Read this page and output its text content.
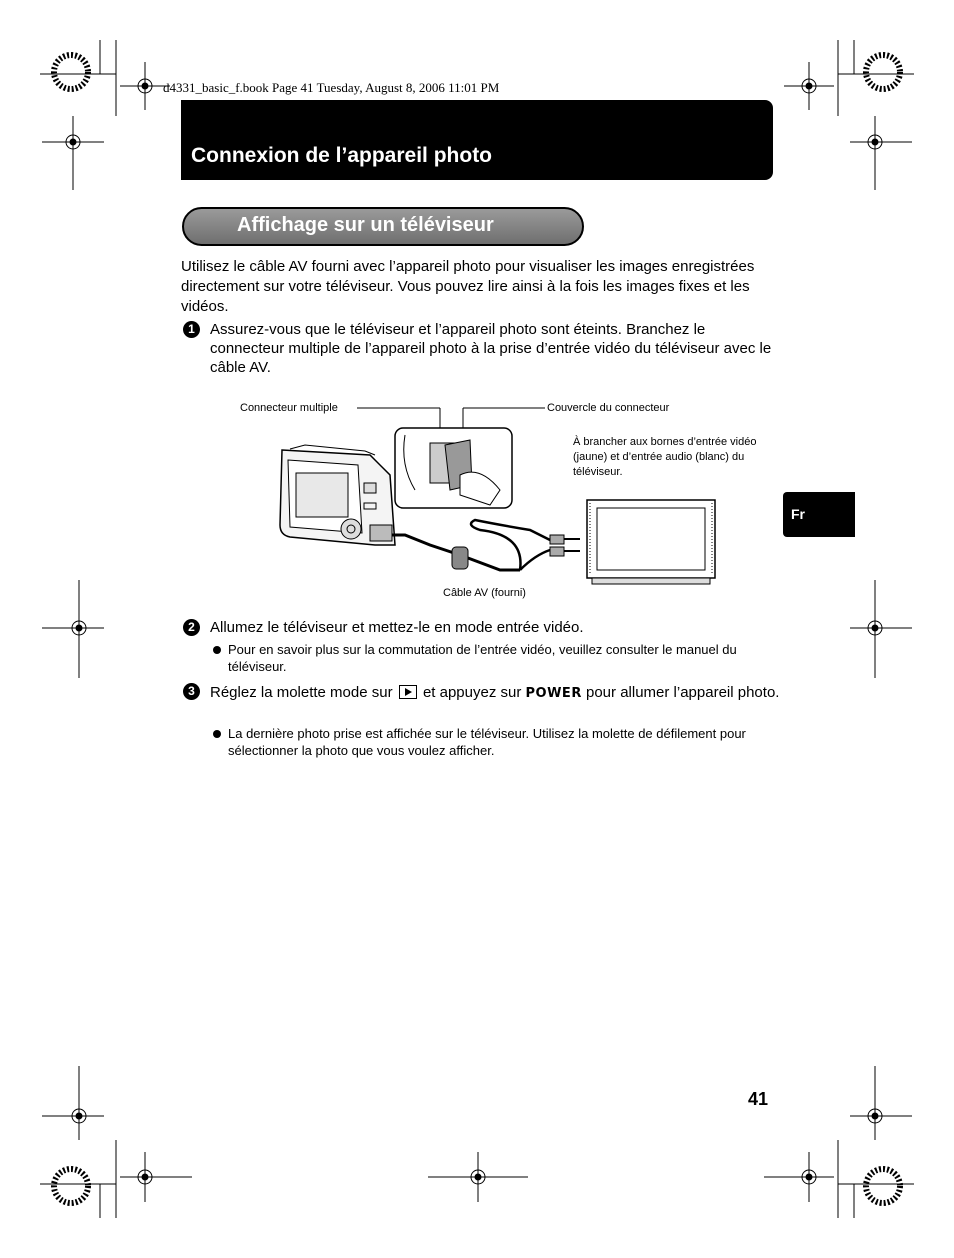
d4331_basic_f.book Page 41 Tuesday, August 8, 2006 11:01 PM
Connexion de l’appareil photo
Affichage sur un téléviseur
Utilisez le câble AV fourni avec l’appareil photo pour visualiser les images enregistrées directement sur votre téléviseur. Vous pouvez lire ainsi à la fois les images fixes et les vidéos.
1	Assurez-vous que le téléviseur et l’appareil photo sont éteints. Branchez le connecteur multiple de l’appareil photo à la prise d’entrée vidéo du téléviseur avec le câble AV.
Connecteur multiple	Couvercle du connecteur
À brancher aux bornes d’entrée vidéo (jaune) et d’entrée audio (blanc) du téléviseur.
Câble AV (fourni)
2	Allumez le téléviseur et mettez-le en mode entrée vidéo.
Pour en savoir plus sur la commutation de l’entrée vidéo, veuillez consulter le manuel du téléviseur.
3	Réglez la molette mode sur et appuyez sur POWER pour allumer l’appareil photo.
La dernière photo prise est affichée sur le téléviseur. Utilisez la molette de défilement pour sélectionner la photo que vous voulez afficher.
Fr
41
